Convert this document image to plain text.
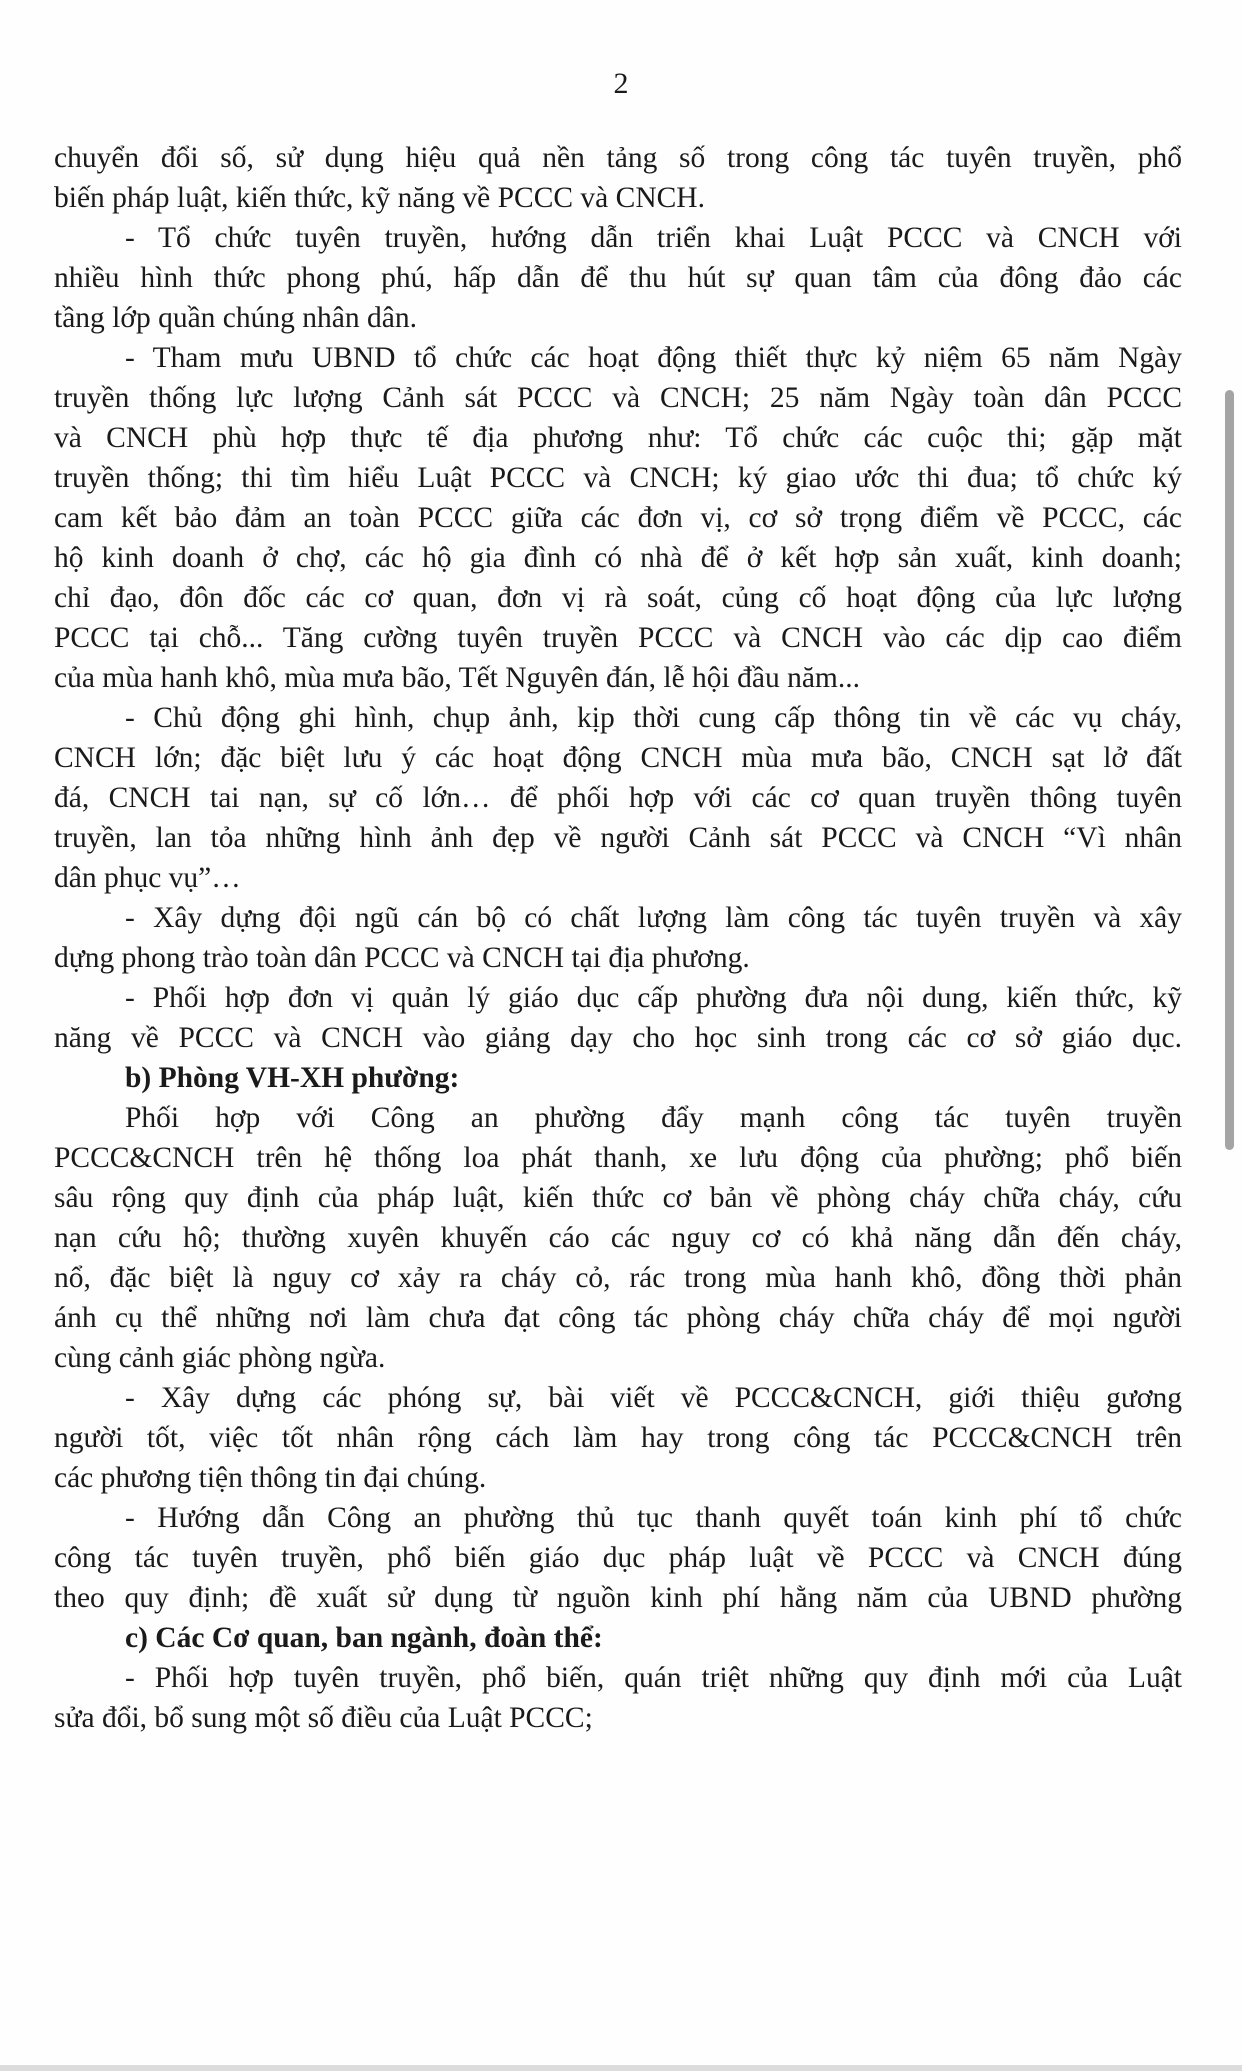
2
chuyển đổi số, sử dụng hiệu quả nền tảng số trong công tác tuyên truyền, phổ
biến pháp luật, kiến thức, kỹ năng về PCCC và CNCH.
- Tổ chức tuyên truyền, hướng dẫn triển khai Luật PCCC và CNCH với
nhiều hình thức phong phú, hấp dẫn để thu hút sự quan tâm của đông đảo các
tầng lớp quần chúng nhân dân.
- Tham mưu UBND tổ chức các hoạt động thiết thực kỷ niệm 65 năm Ngày
truyền thống lực lượng Cảnh sát PCCC và CNCH; 25 năm Ngày toàn dân PCCC
và CNCH phù hợp thực tế địa phương như: Tổ chức các cuộc thi; gặp mặt
truyền thống; thi tìm hiểu Luật PCCC và CNCH; ký giao ước thi đua; tổ chức ký
cam kết bảo đảm an toàn PCCC giữa các đơn vị, cơ sở trọng điểm về PCCC, các
hộ kinh doanh ở chợ, các hộ gia đình có nhà để ở kết hợp sản xuất, kinh doanh;
chỉ đạo, đôn đốc các cơ quan, đơn vị rà soát, củng cố hoạt động của lực lượng
PCCC tại chỗ... Tăng cường tuyên truyền PCCC và CNCH vào các dịp cao điểm
của mùa hanh khô, mùa mưa bão, Tết Nguyên đán, lễ hội đầu năm...
- Chủ động ghi hình, chụp ảnh, kịp thời cung cấp thông tin về các vụ cháy,
CNCH lớn; đặc biệt lưu ý các hoạt động CNCH mùa mưa bão, CNCH sạt lở đất
đá, CNCH tai nạn, sự cố lớn… để phối hợp với các cơ quan truyền thông tuyên
truyền, lan tỏa những hình ảnh đẹp về người Cảnh sát PCCC và CNCH “Vì nhân
dân phục vụ”…
- Xây dựng đội ngũ cán bộ có chất lượng làm công tác tuyên truyền và xây
dựng phong trào toàn dân PCCC và CNCH tại địa phương.
- Phối hợp đơn vị quản lý giáo dục cấp phường đưa nội dung, kiến thức, kỹ
năng về PCCC và CNCH vào giảng dạy cho học sinh trong các cơ sở giáo dục.
b) Phòng VH-XH phường:
Phối hợp với Công an phường đẩy mạnh công tác tuyên truyền
PCCC&CNCH trên hệ thống loa phát thanh, xe lưu động của phường; phổ biến
sâu rộng quy định của pháp luật, kiến thức cơ bản về phòng cháy chữa cháy, cứu
nạn cứu hộ; thường xuyên khuyến cáo các nguy cơ có khả năng dẫn đến cháy,
nổ, đặc biệt là nguy cơ xảy ra cháy cỏ, rác trong mùa hanh khô, đồng thời phản
ánh cụ thể những nơi làm chưa đạt công tác phòng cháy chữa cháy để mọi người
cùng cảnh giác phòng ngừa.
- Xây dựng các phóng sự, bài viết về PCCC&CNCH, giới thiệu gương
người tốt, việc tốt nhân rộng cách làm hay trong công tác PCCC&CNCH trên
các phương tiện thông tin đại chúng.
- Hướng dẫn Công an phường thủ tục thanh quyết toán kinh phí tổ chức
công tác tuyên truyền, phổ biến giáo dục pháp luật về PCCC và CNCH đúng
theo quy định; đề xuất sử dụng từ nguồn kinh phí hằng năm của UBND phường
c) Các Cơ quan, ban ngành, đoàn thể:
- Phối hợp tuyên truyền, phổ biến, quán triệt những quy định mới của Luật
sửa đổi, bổ sung một số điều của Luật PCCC;
